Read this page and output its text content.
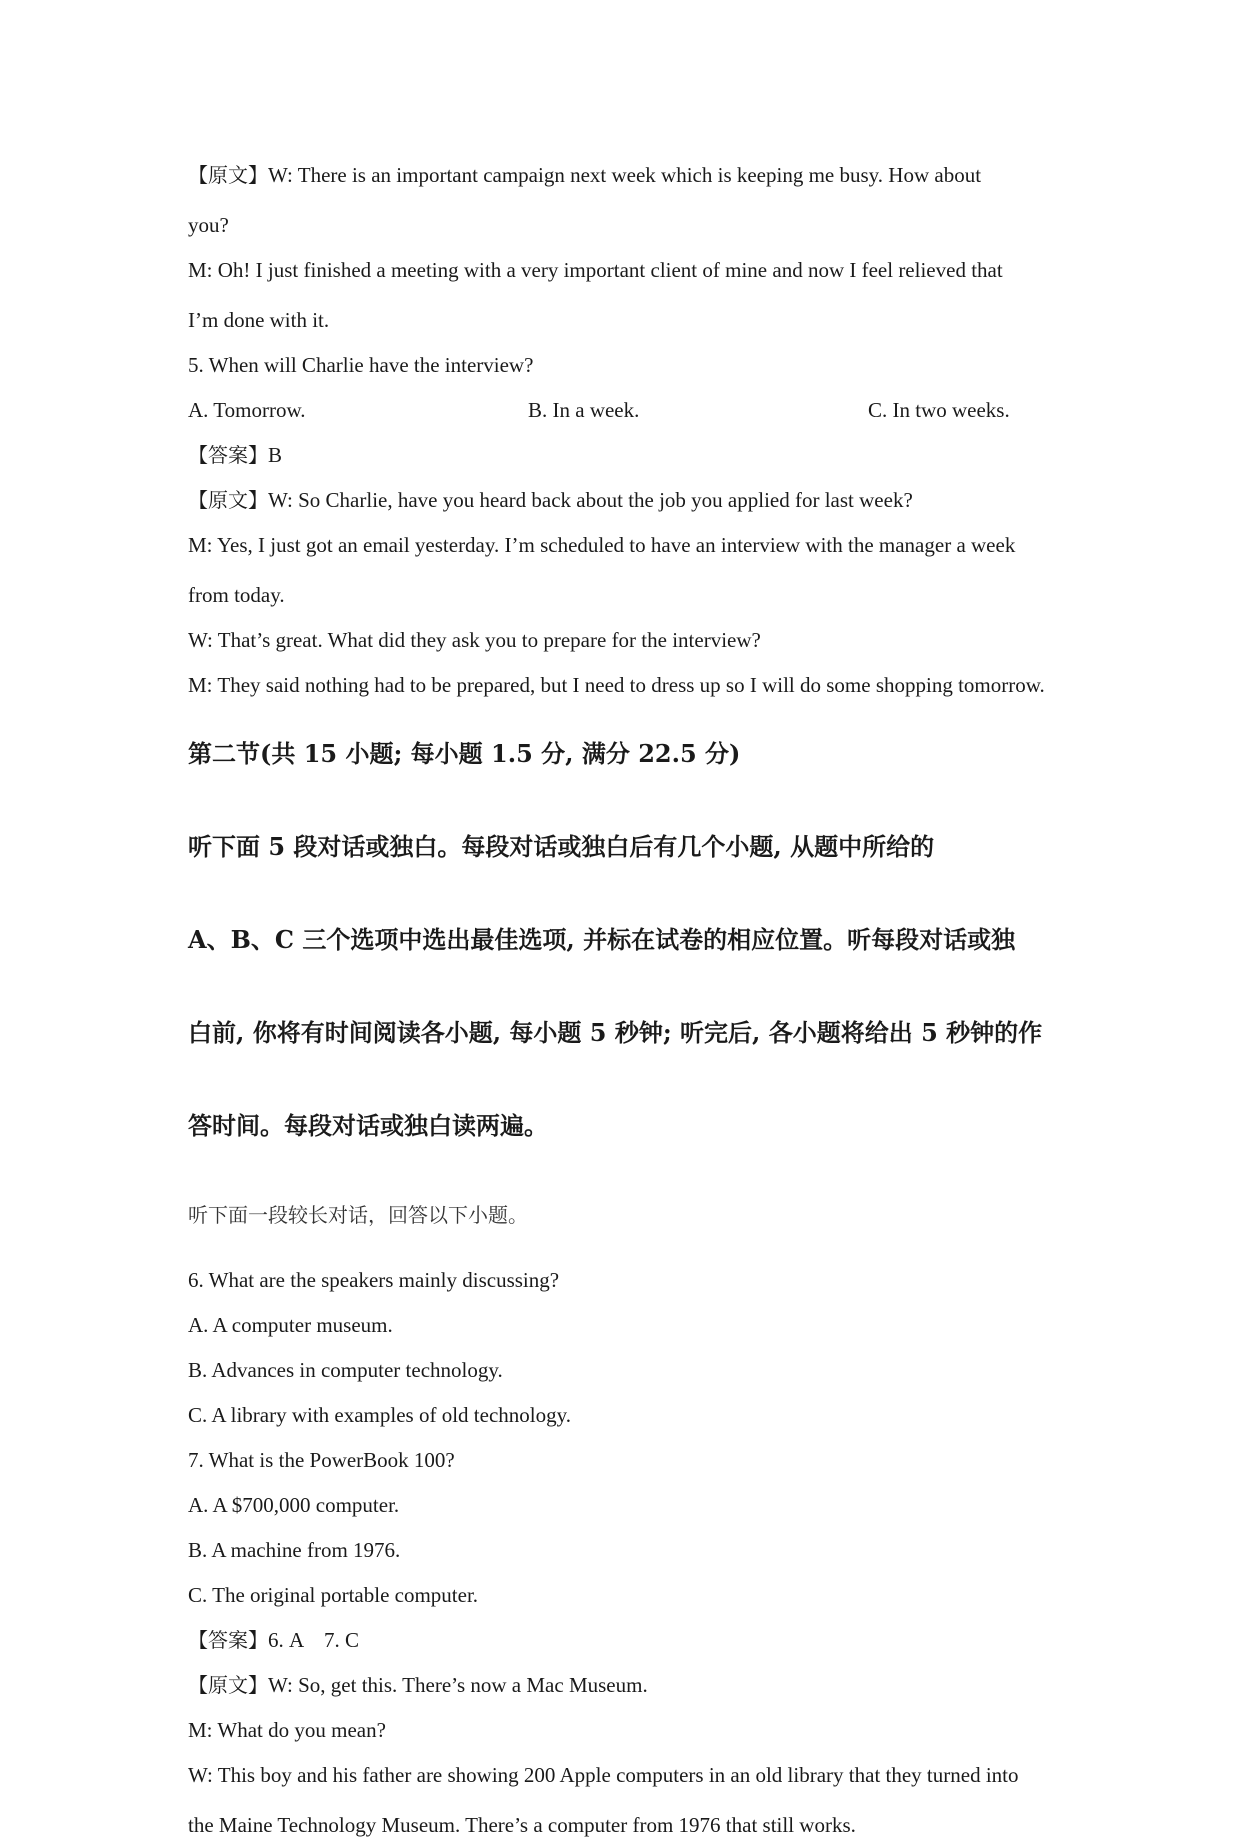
【原文】W: There is an important campaign next week which is keeping me busy. How about

you?

M: Oh! I just finished a meeting with a very important client of mine and now I feel relieved that

I’m done with it.

5. When will Charlie have the interview?

A. Tomorrow.	B. In a week.	C. In two weeks.

【答案】B

【原文】W: So Charlie, have you heard back about the job you applied for last week?

M: Yes, I just got an email yesterday. I’m scheduled to have an interview with the manager a week

from today.

W: That’s great. What did they ask you to prepare for the interview?

M: They said nothing had to be prepared, but I need to dress up so I will do some shopping tomorrow.

第二节(共 15 小题; 每小题 1.5 分, 满分 22.5 分)

听下面 5 段对话或独白。每段对话或独白后有几个小题, 从题中所给的

A、B、C 三个选项中选出最佳选项, 并标在试卷的相应位置。听每段对话或独

白前, 你将有时间阅读各小题, 每小题 5 秒钟; 听完后, 各小题将给出 5 秒钟的作

答时间。每段对话或独白读两遍。

听下面一段较长对话，回答以下小题。

6. What are the speakers mainly discussing?

A. A computer museum.

B. Advances in computer technology.

C. A library with examples of old technology.

7. What is the PowerBook 100?

A. A $700,000 computer.

B. A machine from 1976.

C. The original portable computer.

【答案】6. A    7. C

【原文】W: So, get this. There’s now a Mac Museum.

M: What do you mean?

W: This boy and his father are showing 200 Apple computers in an old library that they turned into

the Maine Technology Museum. There’s a computer from 1976 that still works.
